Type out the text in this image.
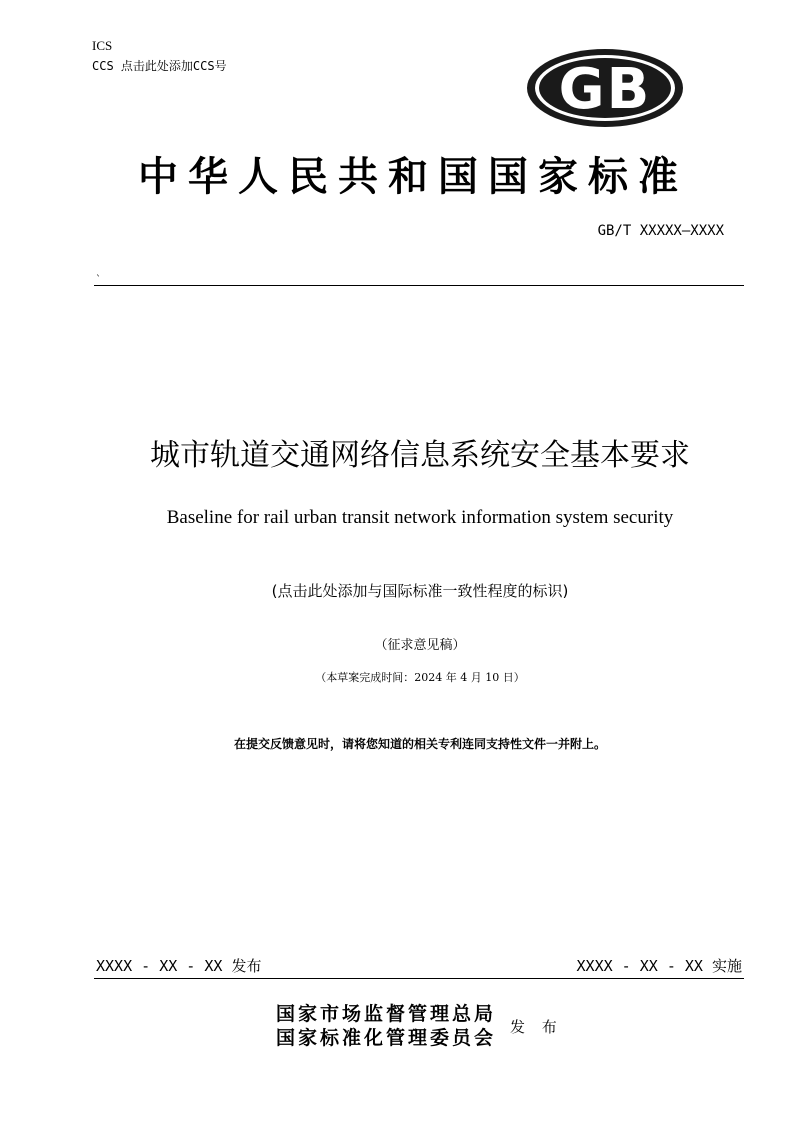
ICS
CCS 点击此处添加CCS号	GB
中华人民共和国国家标准
GB/T XXXXX—XXXX
`
城市轨道交通网络信息系统安全基本要求
Baseline for rail urban transit network information system security
(点击此处添加与国际标准一致性程度的标识)
（征求意见稿）
（本草案完成时间：2024 年 4 月 10 日）
在提交反馈意见时，请将您知道的相关专利连同支持性文件一并附上。
XXXX - XX - XX 发布	XXXX - XX - XX 实施
国家市场监督管理总局
国家标准化管理委员会
发 布
